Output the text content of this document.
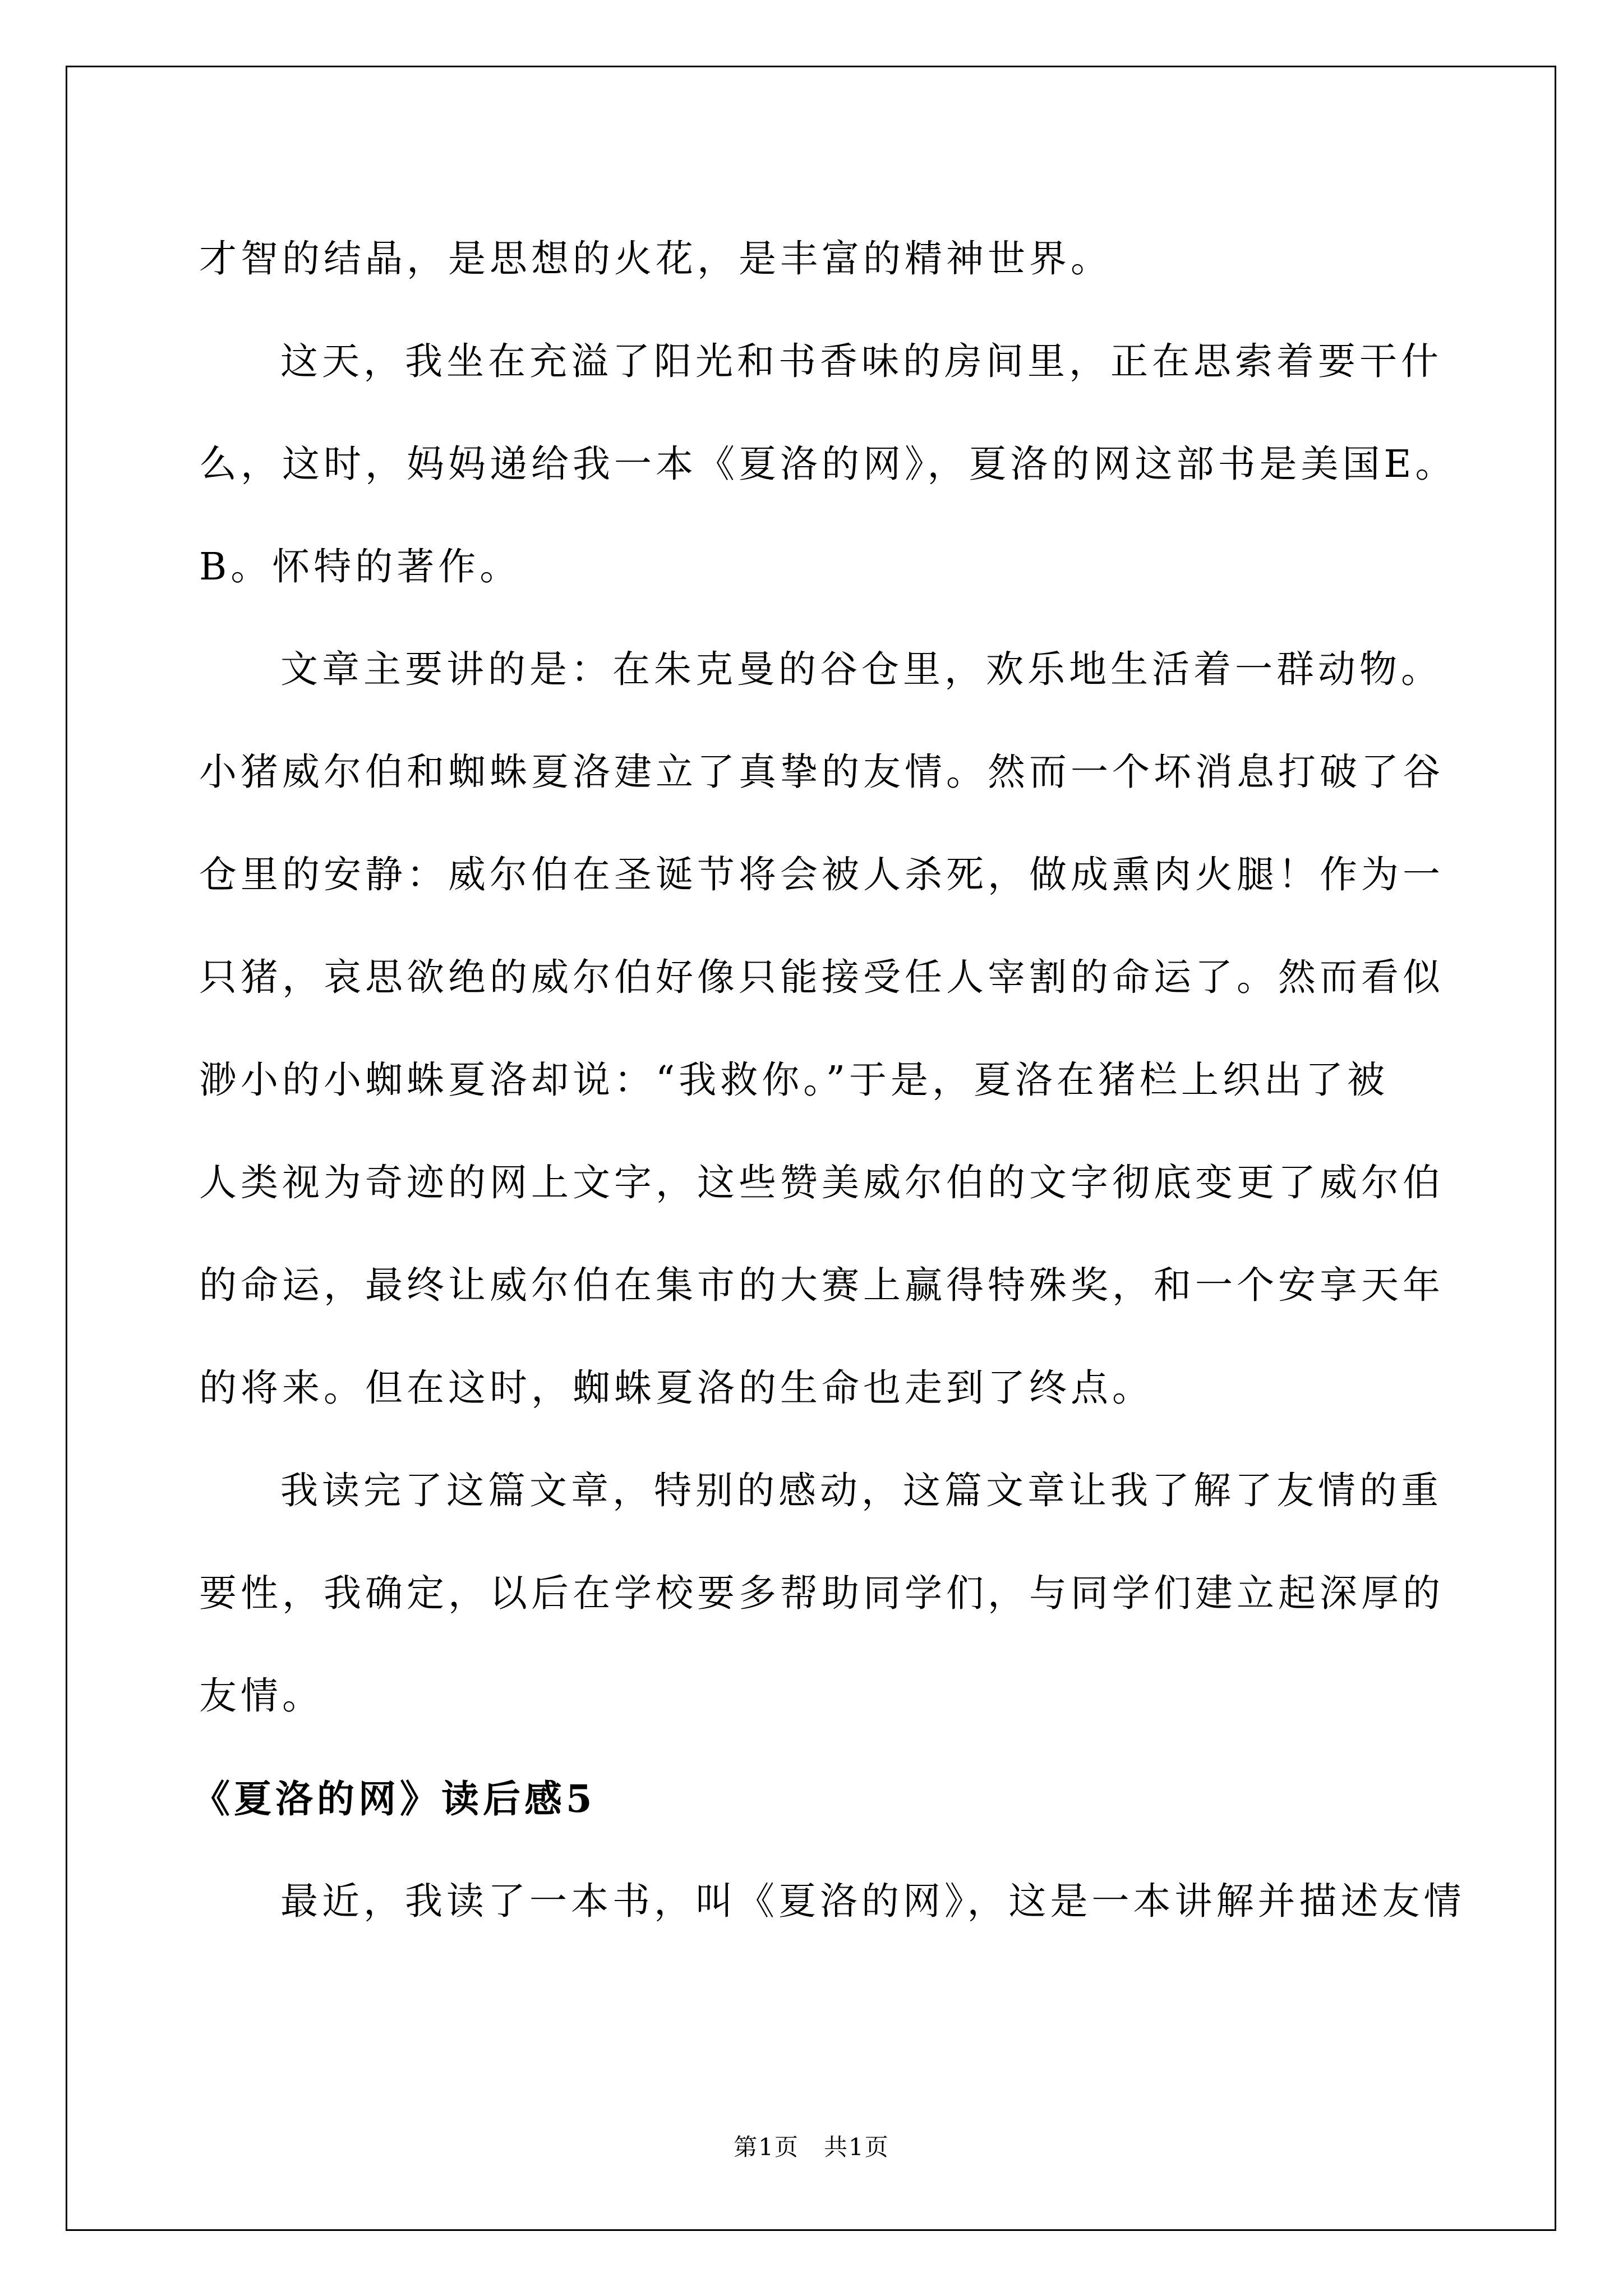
才智的结晶，是思想的火花，是丰富的精神世界。

这天，我坐在充溢了阳光和书香味的房间里，正在思索着要干什
么，这时，妈妈递给我一本《夏洛的网》，夏洛的网这部书是美国E。
B。怀特的著作。

文章主要讲的是：在朱克曼的谷仓里，欢乐地生活着一群动物。
小猪威尔伯和蜘蛛夏洛建立了真挚的友情。然而一个坏消息打破了谷
仓里的安静：威尔伯在圣诞节将会被人杀死，做成熏肉火腿！作为一
只猪，哀思欲绝的威尔伯好像只能接受任人宰割的命运了。然而看似
渺小的小蜘蛛夏洛却说：“我救你。”于是，夏洛在猪栏上织出了被
人类视为奇迹的网上文字，这些赞美威尔伯的文字彻底变更了威尔伯
的命运，最终让威尔伯在集市的大赛上赢得特殊奖，和一个安享天年
的将来。但在这时，蜘蛛夏洛的生命也走到了终点。

我读完了这篇文章，特别的感动，这篇文章让我了解了友情的重
要性，我确定，以后在学校要多帮助同学们，与同学们建立起深厚的
友情。

《夏洛的网》读后感5

最近，我读了一本书，叫《夏洛的网》，这是一本讲解并描述友情

第1页　共1页
